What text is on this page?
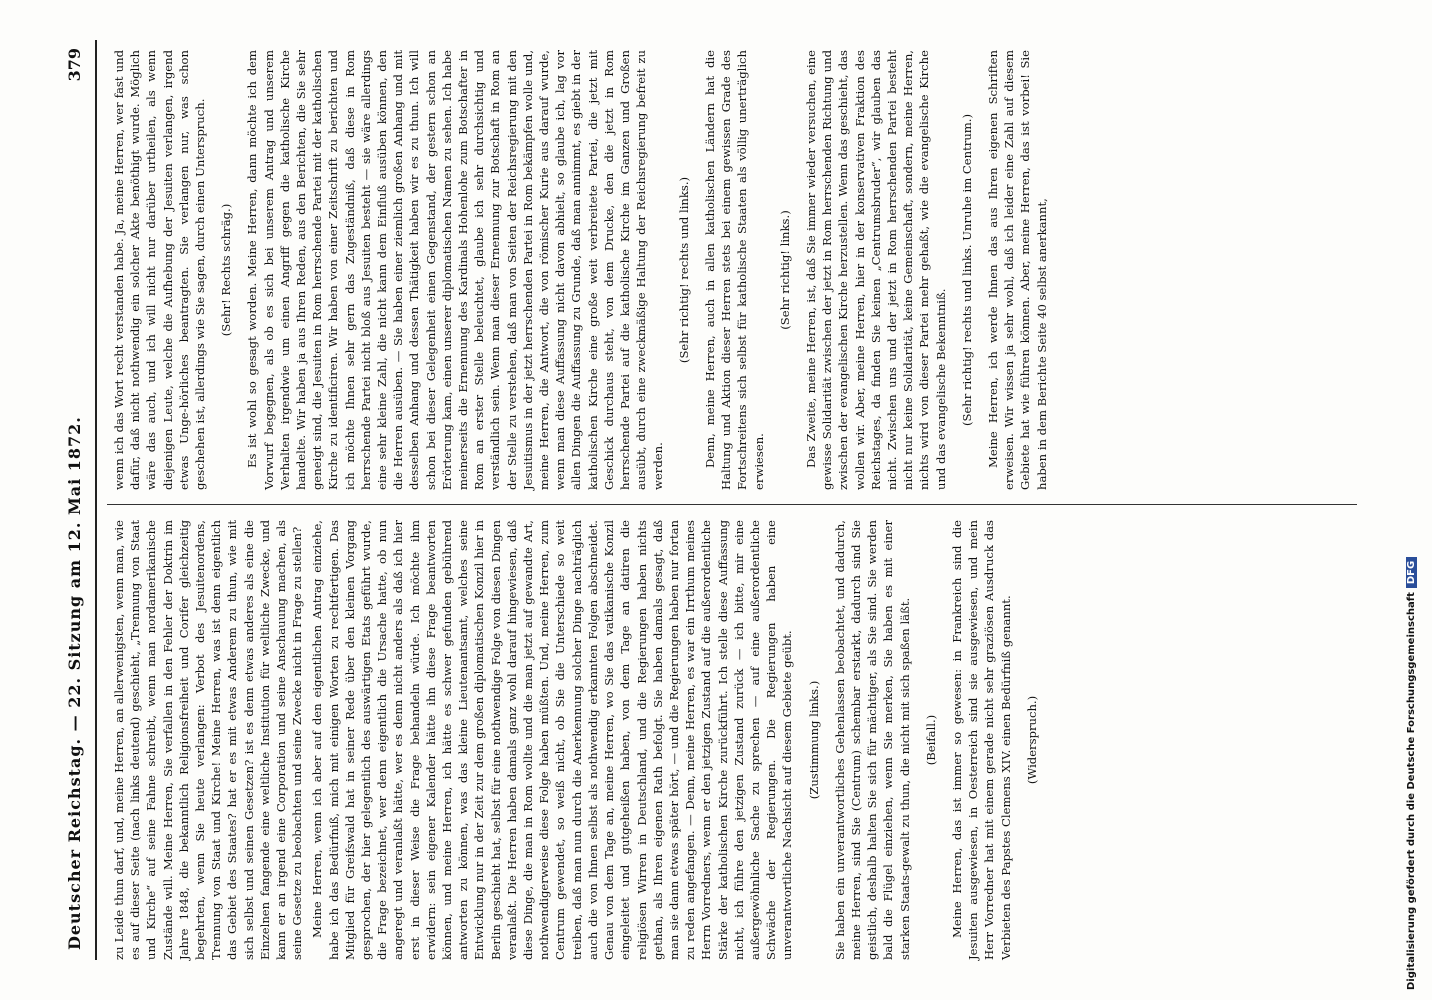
Deutscher Reichstag. — 22. Sitzung am 12. Mai 1872.
379

zu Leide thun darf, und, meine Herren, an allerwenigsten, wenn man, wie es auf dieser Seite (nach links deutend) geschieht, „Trennung von Staat und Kirche“ auf seine Fahne schreibt, wenn man nordamerikanische Zustände will. Meine Herren, Sie verfallen in den Fehler der Doktrin im Jahre 1848, die bekanntlich Religionsfreiheit und Corifer gleichzeitig begehrten, wenn Sie heute verlangen: Verbot des Jesuitenordens, Trennung von Staat und Kirche! Meine Herren, was ist denn eigentlich das Gebiet des Staates? hat er es mit etwas Anderem zu thun, wie mit sich selbst und seinen Gesetzen? ist es denn etwas anderes als eine die Einzelnen fangende eine weltliche Institution für weltliche Zwecke, und kann er an irgend eine Corporation und seine Anschauung machen, als seine Gesetze zu beobachten und seine Zwecke nicht in Frage zu stellen? Meine Herren, wenn ich aber auf den eigentlichen Antrag einziehe, habe ich das Bedürfniß, mich mit einigen Worten zu rechtfertigen. Das Mitglied für Greifswald hat in seiner Rede über den kleinen Vorgang gesprochen, der hier gelegentlich des auswärtigen Etats geführt wurde, die Frage bezeichnet, wer denn eigentlich die Ursache hatte, ob nun angeregt und veranlaßt hätte, wer es denn nicht anders als daß ich hier erst in dieser Weise die Frage behandeln würde. Ich möchte ihm erwidern: sein eigener Kalender hätte ihn diese Frage beantworten können, und meine Herren, ich hätte es schwer gefunden gebührend antworten zu können, was das kleine Lieutenantsamt, welches seine Entwicklung nur in der Zeit zur dem großen diplomatischen Konzil hier in Berlin geschieht hat, selbst für eine nothwendige Folge von diesen Dingen veranlaßt. Die Herren haben damals ganz wohl darauf hingewiesen, daß diese Dinge, die man in Rom wollte und die man jetzt auf gewandte Art, nothwendigerweise diese Folge haben müßten. Und, meine Herren, zum Centrum gewendet, so weiß nicht, ob Sie die Unterschiede so weit treiben, daß man nun durch die Anerkennung solcher Dinge nachträglich auch die von Ihnen selbst als nothwendig erkannten Folgen abschneidet. Genau von dem Tage an, meine Herren, wo Sie das vatikanische Konzil eingeleitet und gutgeheißen haben, von dem Tage an datiren die religiösen Wirren in Deutschland, und die Regierungen haben nichts gethan, als Ihren eigenen Rath befolgt. Sie haben damals gesagt, daß man sie dann etwas später hört, — und die Regierungen haben nur fortan zu reden angefangen. — Denn, meine Herren, es war ein Irrthum meines Herrn Vorredners, wenn er den jetzigen Zustand auf die außerordentliche Stärke der katholischen Kirche zurückführt. Ich stelle diese Auffassung nicht, ich führe den jetzigen Zustand zurück — ich bitte, mir eine außergewöhnliche Sache zu sprechen — auf eine außerordentliche Schwäche der Regierungen. Die Regierungen haben eine unverantwortliche Nachsicht auf diesem Gebiete geübt. (Zustimmung links.) Sie haben ein unverantwortliches Gehenlassen beobachtet, und dadurch, meine Herren, sind Sie (Centrum) schembar erstarkt, dadurch sind Sie geistlich, deshalb halten Sie sich für mächtiger, als Sie sind. Sie werden bald die Flügel einziehen, wenn Sie merken, Sie haben es mit einer starken Staats-gewalt zu thun, die nicht mit sich spaßen läßt. (Beifall.) Meine Herren, das ist immer so gewesen: in Frankreich sind die Jesuiten ausgewiesen, in Oesterreich sind sie ausgewiesen, und mein Herr Vorredner hat mit einem gerade nicht sehr graziösen Ausdruck das Verbieten des Papstes Clemens XIV. einen Bedürfniß genannt. (Widerspruch.)

wenn ich das Wort recht verstanden habe. Ja, meine Herren, wer fast und dafür, daß nicht nothwendig ein solcher Akte benöthigt wurde. Möglich wäre das auch, und ich will nicht nur darüber urtheilen, als wenn diejenigen Leute, welche die Aufhebung der Jesuiten verlangen, irgend etwas Unge-hörliches beantragten. Sie verlangen nur, was schon geschehen ist, allerdings wie Sie sagen, durch einen Unterspruch. (Sehr! Rechts schräg.) Es ist wohl so gesagt worden. Meine Herren, dann möchte ich dem Vorwurf begegnen, als ob es sich bei unserem Antrag und unserem Verhalten irgendwie um einen Angriff gegen die katholische Kirche handelte. Wir haben ja aus Ihren Reden, aus den Berichten, die Sie sehr geneigt sind, die Jesuiten in Rom herrschende Partei mit der katholischen Kirche zu identificiren. Wir haben von einer Zeitschrift zu berichten und ich möchte Ihnen sehr gern das Zugeständniß, daß diese in Rom herrschende Partei nicht bloß aus Jesuiten besteht — sie wäre allerdings eine sehr kleine Zahl, die nicht kann dem Einfluß ausüben können, den die Herren ausüben. — Sie haben einer ziemlich großen Anhang und mit desselben Anhang und dessen Thätigkeit haben wir es zu thun. Ich will schon bei dieser Gelegenheit einen Gegenstand, der gestern schon an Erörterung kam, einen unserer diplomatischen Namen zu sehen. Ich habe meinerseits die Ernennung des Kardinals Hohenlohe zum Botschafter in Rom an erster Stelle beleuchtet, glaube ich sehr durchsichtig und verständlich sein. Wenn man dieser Ernennung zur Botschaft in Rom an der Stelle zu verstehen, daß man von Seiten der Reichsregierung mit den Jesuitismus in der jetzt herrschenden Partei in Rom bekämpfen wolle und, meine Herren, die Antwort, die von römischer Kurie aus darauf wurde, wenn man diese Auffassung nicht davon abhielt, so glaube ich, lag vor allen Dingen die Auffassung zu Grunde, daß man annimmt, es giebt in der katholischen Kirche eine große weit verbreitete Partei, die jetzt mit Geschick durchaus steht, von dem Drucke, den die jetzt in Rom herrschende Partei auf die katholische Kirche im Ganzen und Großen ausübt, durch eine zweckmäßige Haltung der Reichsregierung befreit zu werden.

(Sehr richtig! rechts und links.) Denn, meine Herren, auch in allen katholischen Ländern hat die Haltung und Aktion dieser Herren stets bei einem gewissen Grade des Fortschreitens sich selbst für katholische Staaten als völlig unerträglich erwiesen.

(Sehr richtig! links.) Das Zweite, meine Herren, ist, daß Sie immer wieder versuchen, eine gewisse Solidarität zwischen der jetzt in Rom herrschenden Richtung und zwischen der evangelischen Kirche herzustellen. Wenn das geschieht, das wollen wir. Aber, meine Herren, hier in der konservativen Fraktion des Reichstages, da finden Sie keinen „Centrumsbruder“, wir glauben das nicht. Zwischen uns und der jetzt in Rom herrschenden Partei besteht nicht nur keine Solidarität, keine Gemeinschaft, sondern, meine Herren, nichts wird von dieser Partei mehr gehaßt, wie die evangelische Kirche und das evangelische Bekenntniß. (Sehr richtig! rechts und links. Unruhe im Centrum.) Meine Herren, ich werde Ihnen das aus Ihren eigenen Schriften erweisen. Wir wissen ja sehr wohl, daß ich leider eine Zahl auf diesem Gebiete hat wie führen können. Aber, meine Herren, das ist vorbei! Sie haben in dem Berichte Seite 40 selbst anerkannt,

Digitalisierung gefördert durch die Deutsche ForschungsgemeinschaftDFG
